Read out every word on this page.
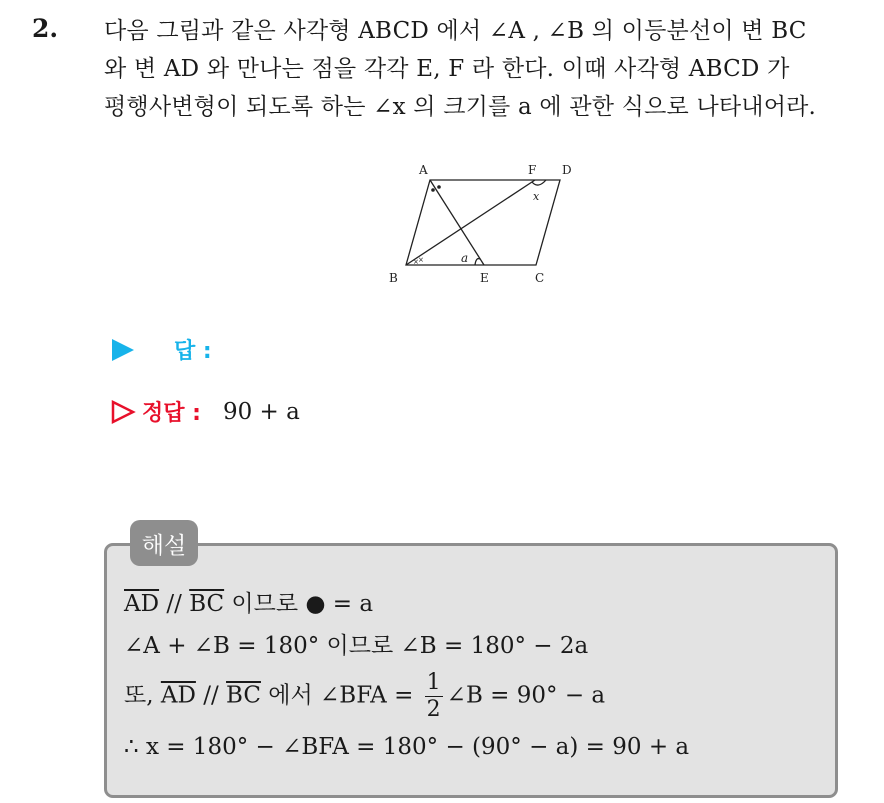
2. 다음 그림과 같은 사각형 ABCD 에서 ∠A , ∠B 의 이등분선이 변 BC
와 변 AD 와 만나는 점을 각각 E, F 라 한다. 이때 사각형 ABCD 가
평행사변형이 되도록 하는 ∠x 의 크기를 a 에 관한 식으로 나타내어라.
A	F D
B	E	C
x
a
× ×
답 :
정답 : 90 + a
해설
$\overline{AD} // \overline{BC}$ 이므로 ● = a
∠A + ∠B = 180° 이므로 ∠B = 180° − 2a
또, $\overline{AD} // \overline{BC}$ 에서 ∠BFA = $\frac{1}{2}$ ∠B = 90° − a
∴ x = 180° − ∠BFA = 180° − (90° − a) = 90 + a
